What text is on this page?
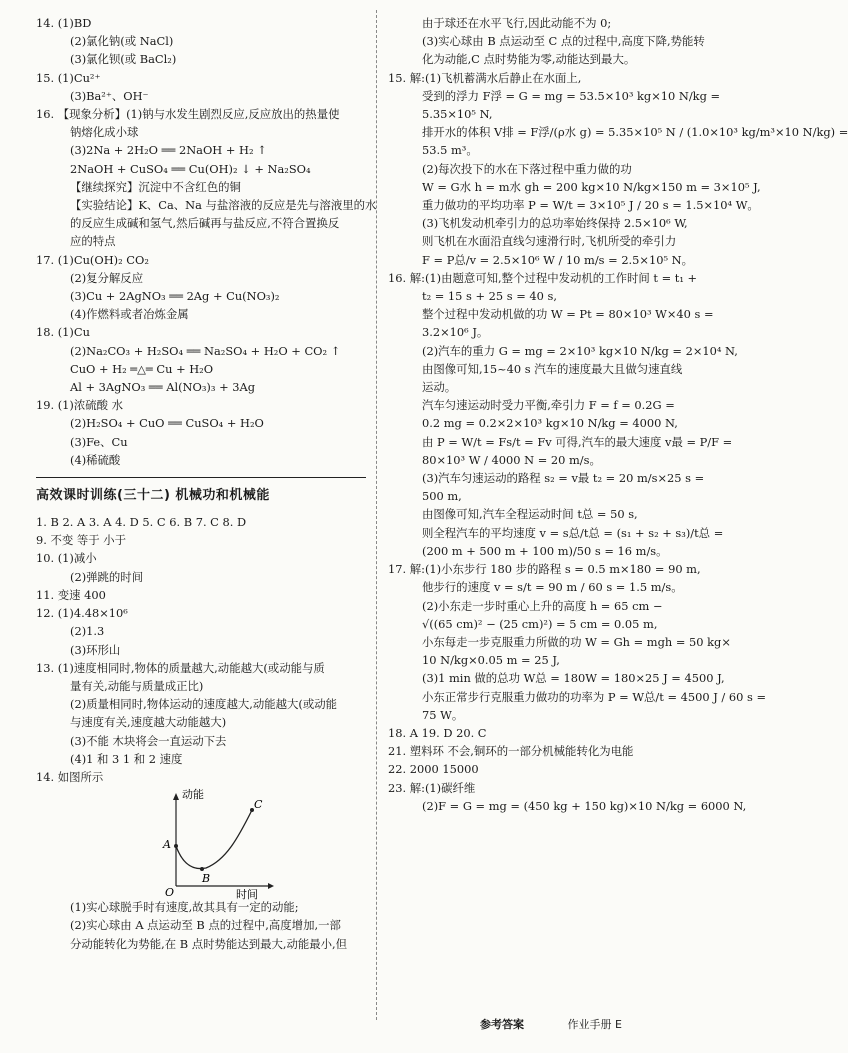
14. (1)BD
(2)氯化钠(或 NaCl)
(3)氯化钡(或 BaCl₂)
15. (1)Cu²⁺
(3)Ba²⁺、OH⁻
16. 【现象分析】(1)钠与水发生剧烈反应,反应放出的热量使
钠熔化成小球
(3)2Na + 2H₂O ══ 2NaOH + H₂ ↑
2NaOH + CuSO₄ ══ Cu(OH)₂ ↓ + Na₂SO₄
【继续探究】沉淀中不含红色的铜
【实验结论】K、Ca、Na 与盐溶液的反应是先与溶液里的水
的反应生成碱和氢气,然后碱再与盐反应,不符合置换反
应的特点
17. (1)Cu(OH)₂ CO₂
(2)复分解反应
(3)Cu + 2AgNO₃ ══ 2Ag + Cu(NO₃)₂
(4)作燃料或者冶炼金属
18. (1)Cu
(2)Na₂CO₃ + H₂SO₄ ══ Na₂SO₄ + H₂O + CO₂ ↑
CuO + H₂ ═△═ Cu + H₂O
Al + 3AgNO₃ ══ Al(NO₃)₃ + 3Ag
19. (1)浓硫酸 水
(2)H₂SO₄ + CuO ══ CuSO₄ + H₂O
(3)Fe、Cu
(4)稀硫酸
高效课时训练(三十二) 机械功和机械能
1. B 2. A 3. A 4. D 5. C 6. B 7. C 8. D
9. 不变 等于 小于
10. (1)减小
(2)弹跳的时间
11. 变速 400
12. (1)4.48×10⁶
(2)1.3
(3)环形山
13. (1)速度相同时,物体的质量越大,动能越大(或动能与质
量有关,动能与质量成正比)
(2)质量相同时,物体运动的速度越大,动能越大(或动能
与速度有关,速度越大动能越大)
(3)不能 木块将会一直运动下去
(4)1 和 3 1 和 2 速度
14. 如图所示
动能
时间
O
A
B
C
(1)实心球脱手时有速度,故其具有一定的动能;
(2)实心球由 A 点运动至 B 点的过程中,高度增加,一部
分动能转化为势能,在 B 点时势能达到最大,动能最小,但
由于球还在水平飞行,因此动能不为 0;
(3)实心球由 B 点运动至 C 点的过程中,高度下降,势能转
化为动能,C 点时势能为零,动能达到最大。
15. 解:(1)飞机蓄满水后静止在水面上,
受到的浮力 F浮 = G = mg = 53.5×10³ kg×10 N/kg =
5.35×10⁵ N,
排开水的体积 V排 = F浮/(ρ水 g) = 5.35×10⁵ N / (1.0×10³ kg/m³×10 N/kg) =
53.5 m³。
(2)每次投下的水在下落过程中重力做的功
W = G水 h = m水 gh = 200 kg×10 N/kg×150 m = 3×10⁵ J,
重力做功的平均功率 P = W/t = 3×10⁵ J / 20 s = 1.5×10⁴ W。
(3)飞机发动机牵引力的总功率始终保持 2.5×10⁶ W,
则飞机在水面沿直线匀速滑行时,飞机所受的牵引力
F = P总/v = 2.5×10⁶ W / 10 m/s = 2.5×10⁵ N。
16. 解:(1)由题意可知,整个过程中发动机的工作时间 t = t₁ +
t₂ = 15 s + 25 s = 40 s,
整个过程中发动机做的功 W = Pt = 80×10³ W×40 s =
3.2×10⁶ J。
(2)汽车的重力 G = mg = 2×10³ kg×10 N/kg = 2×10⁴ N,
由图像可知,15~40 s 汽车的速度最大且做匀速直线
运动。
汽车匀速运动时受力平衡,牵引力 F = f = 0.2G =
0.2 mg = 0.2×2×10³ kg×10 N/kg = 4000 N,
由 P = W/t = Fs/t = Fv 可得,汽车的最大速度 v最 = P/F =
80×10³ W / 4000 N = 20 m/s。
(3)汽车匀速运动的路程 s₂ = v最 t₂ = 20 m/s×25 s =
500 m,
由图像可知,汽车全程运动时间 t总 = 50 s,
则全程汽车的平均速度 v = s总/t总 = (s₁ + s₂ + s₃)/t总 =
(200 m + 500 m + 100 m)/50 s = 16 m/s。
17. 解:(1)小东步行 180 步的路程 s = 0.5 m×180 = 90 m,
他步行的速度 v = s/t = 90 m / 60 s = 1.5 m/s。
(2)小东走一步时重心上升的高度 h = 65 cm −
√((65 cm)² − (25 cm)²) = 5 cm = 0.05 m,
小东每走一步克服重力所做的功 W = Gh = mgh = 50 kg×
10 N/kg×0.05 m = 25 J,
(3)1 min 做的总功 W总 = 180W = 180×25 J = 4500 J,
小东正常步行克服重力做功的功率为 P = W总/t = 4500 J / 60 s =
75 W。
18. A 19. D 20. C
21. 塑料环 不会,铜环的一部分机械能转化为电能
22. 2000 15000
23. 解:(1)碳纤维
(2)F = G = mg = (450 kg + 150 kg)×10 N/kg = 6000 N,
参考答案	作业手册 E
